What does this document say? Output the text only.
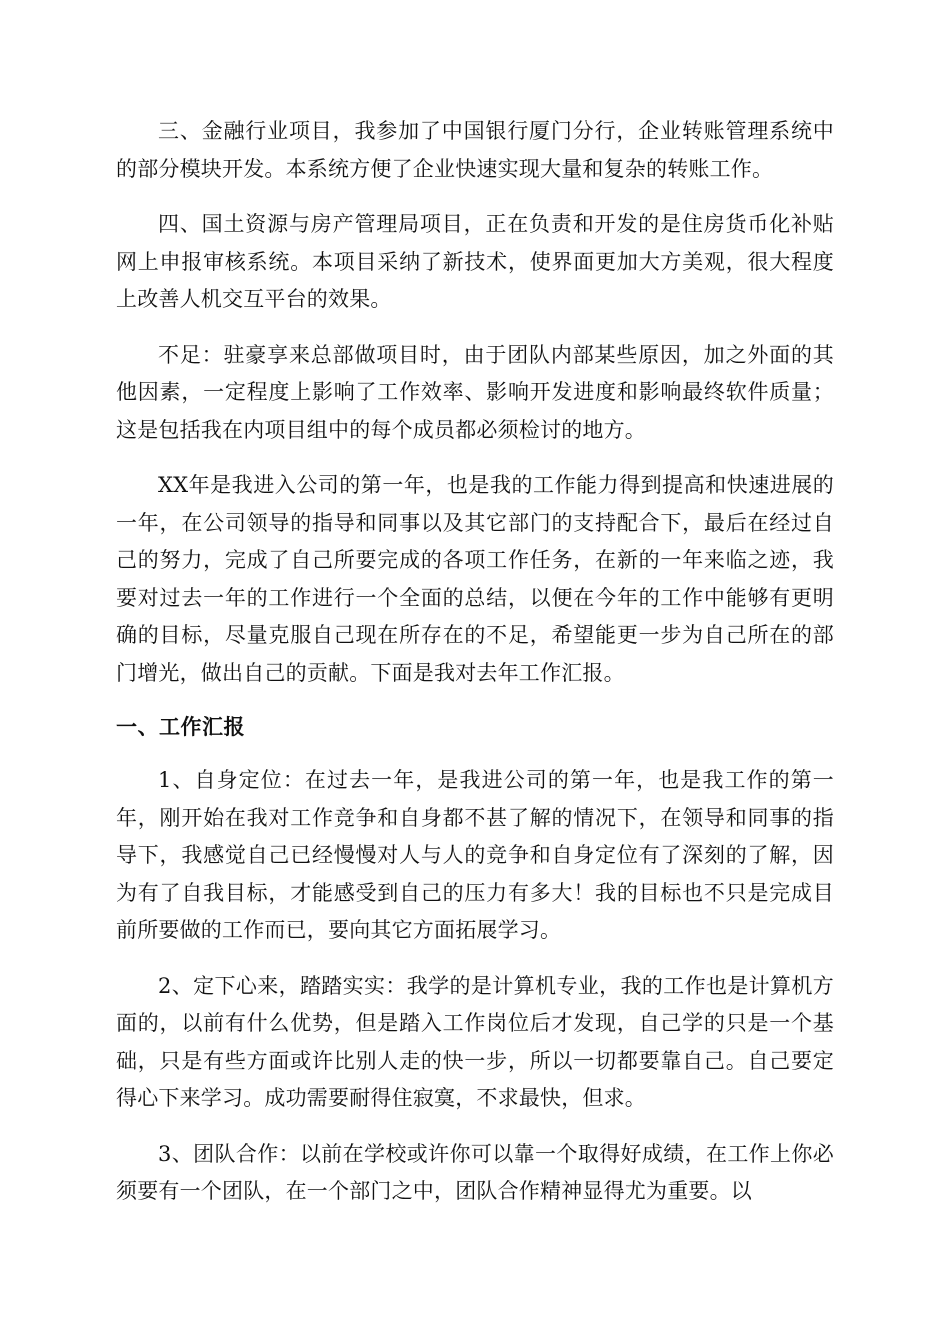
三、金融行业项目，我参加了中国银行厦门分行，企业转账管理系统中的部分模块开发。本系统方便了企业快速实现大量和复杂的转账工作。

四、国土资源与房产管理局项目，正在负责和开发的是住房货币化补贴网上申报审核系统。本项目采纳了新技术，使界面更加大方美观，很大程度上改善人机交互平台的效果。

不足：驻豪享来总部做项目时，由于团队内部某些原因，加之外面的其他因素，一定程度上影响了工作效率、影响开发进度和影响最终软件质量；这是包括我在内项目组中的每个成员都必须检讨的地方。

XX年是我进入公司的第一年，也是我的工作能力得到提高和快速进展的一年，在公司领导的指导和同事以及其它部门的支持配合下，最后在经过自己的努力，完成了自己所要完成的各项工作任务，在新的一年来临之迹，我要对过去一年的工作进行一个全面的总结，以便在今年的工作中能够有更明确的目标，尽量克服自己现在所存在的不足，希望能更一步为自己所在的部门增光，做出自己的贡献。下面是我对去年工作汇报。

一、工作汇报

1、自身定位：在过去一年，是我进公司的第一年，也是我工作的第一年，刚开始在我对工作竞争和自身都不甚了解的情况下，在领导和同事的指导下，我感觉自己已经慢慢对人与人的竞争和自身定位有了深刻的了解，因为有了自我目标，才能感受到自己的压力有多大！我的目标也不只是完成目前所要做的工作而已，要向其它方面拓展学习。

2、定下心来，踏踏实实：我学的是计算机专业，我的工作也是计算机方面的，以前有什么优势，但是踏入工作岗位后才发现，自己学的只是一个基础，只是有些方面或许比别人走的快一步，所以一切都要靠自己。自己要定得心下来学习。成功需要耐得住寂寞，不求最快，但求。

3、团队合作：以前在学校或许你可以靠一个取得好成绩，在工作上你必须要有一个团队，在一个部门之中，团队合作精神显得尤为重要。以
